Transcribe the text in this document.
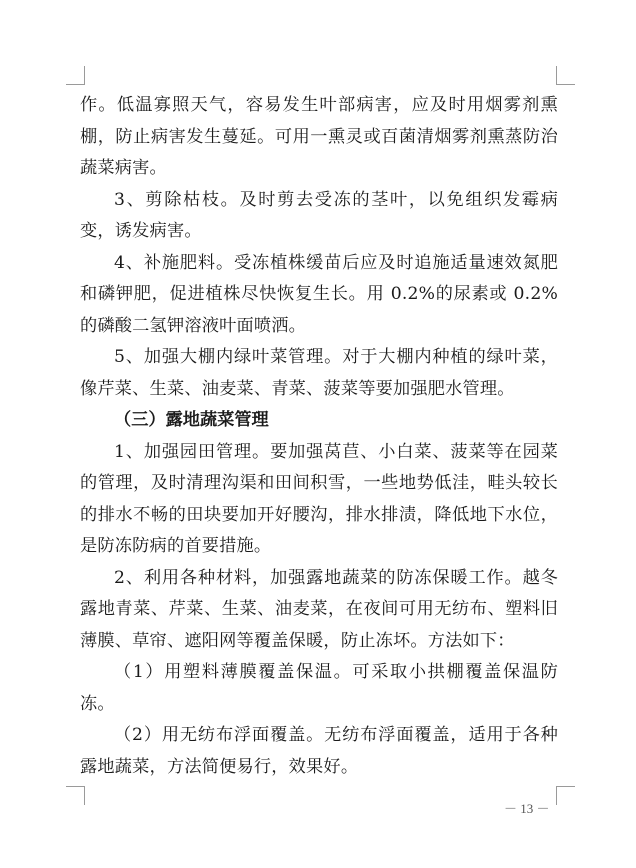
作。低温寡照天气，容易发生叶部病害，应及时用烟雾剂熏棚，防止病害发生蔓延。可用一熏灵或百菌清烟雾剂熏蒸防治蔬菜病害。

3、剪除枯枝。及时剪去受冻的茎叶，以免组织发霉病变，诱发病害。

4、补施肥料。受冻植株缓苗后应及时追施适量速效氮肥和磷钾肥，促进植株尽快恢复生长。用 0.2%的尿素或 0.2%的磷酸二氢钾溶液叶面喷洒。

5、加强大棚内绿叶菜管理。对于大棚内种植的绿叶菜，像芹菜、生菜、油麦菜、青菜、菠菜等要加强肥水管理。

（三）露地蔬菜管理

1、加强园田管理。要加强莴苣、小白菜、菠菜等在园菜的管理，及时清理沟渠和田间积雪，一些地势低洼，畦头较长的排水不畅的田块要加开好腰沟，排水排渍，降低地下水位，是防冻防病的首要措施。

2、利用各种材料，加强露地蔬菜的防冻保暖工作。越冬露地青菜、芹菜、生菜、油麦菜，在夜间可用无纺布、塑料旧薄膜、草帘、遮阳网等覆盖保暖，防止冻坏。方法如下：

（1）用塑料薄膜覆盖保温。可采取小拱棚覆盖保温防冻。

（2）用无纺布浮面覆盖。无纺布浮面覆盖，适用于各种露地蔬菜，方法简便易行，效果好。

－ 13 －
